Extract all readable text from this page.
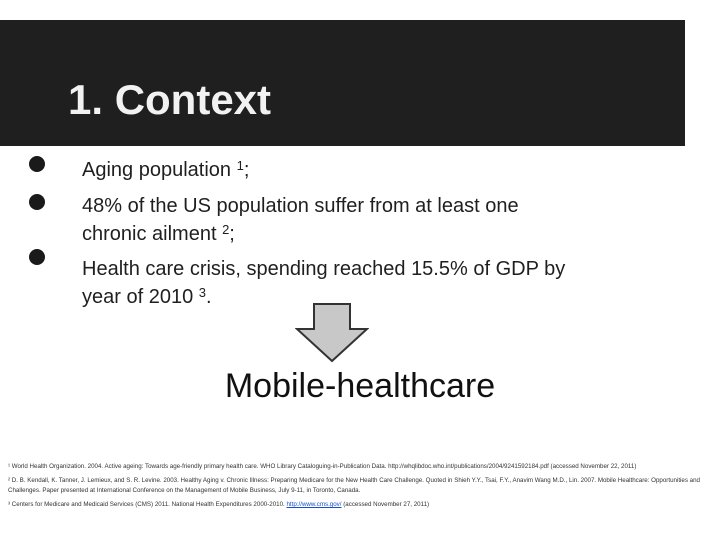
1. Context
Aging population $^1$;
48% of the US population suffer from at least one
chronic ailment $^2$;
Health care crisis, spending reached 15.5% of GDP by
year of 2010 $^3$.
Mobile-healthcare
¹ World Health Organization. 2004. Active ageing: Towards age-friendly primary health care. WHO Library Cataloguing-in-Publication Data. http://whqlibdoc.who.int/publications/2004/9241592184.pdf (accessed November 22, 2011)
² D. B. Kendall, K. Tanner, J. Lemieux, and S. R. Levine. 2003. Healthy Aging v. Chronic Illness: Preparing Medicare for the New Health Care Challenge. Quoted in Shieh Y.Y., Tsai, F.Y., Anavim Wang M.D., Lin. 2007. Mobile Healthcare: Opportunities and Challenges. Paper presented at International Conference on the Management of Mobile Business, July 9-11, in Toronto, Canada.
³ Centers for Medicare and Medicaid Services (CMS) 2011. National Health Expenditures 2000-2010. http://www.cms.gov/ (accessed November 27, 2011)
